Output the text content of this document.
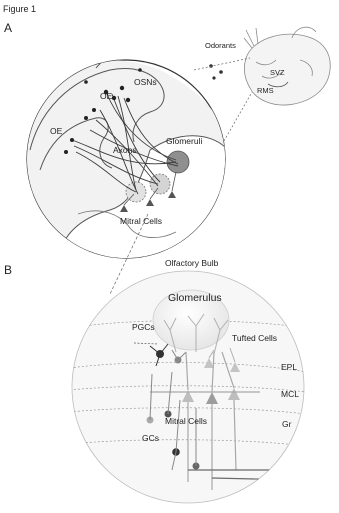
Figure 1
A
B
SVZ
RMS
Odorants
OSNs
OE
OE
Axons
Glomeruli
Mitral Cells
Olfactory Bulb
Glomerulus
PGCs
Tufted Cells
EPL
MCL
Mitral Cells	Gr
GCs
